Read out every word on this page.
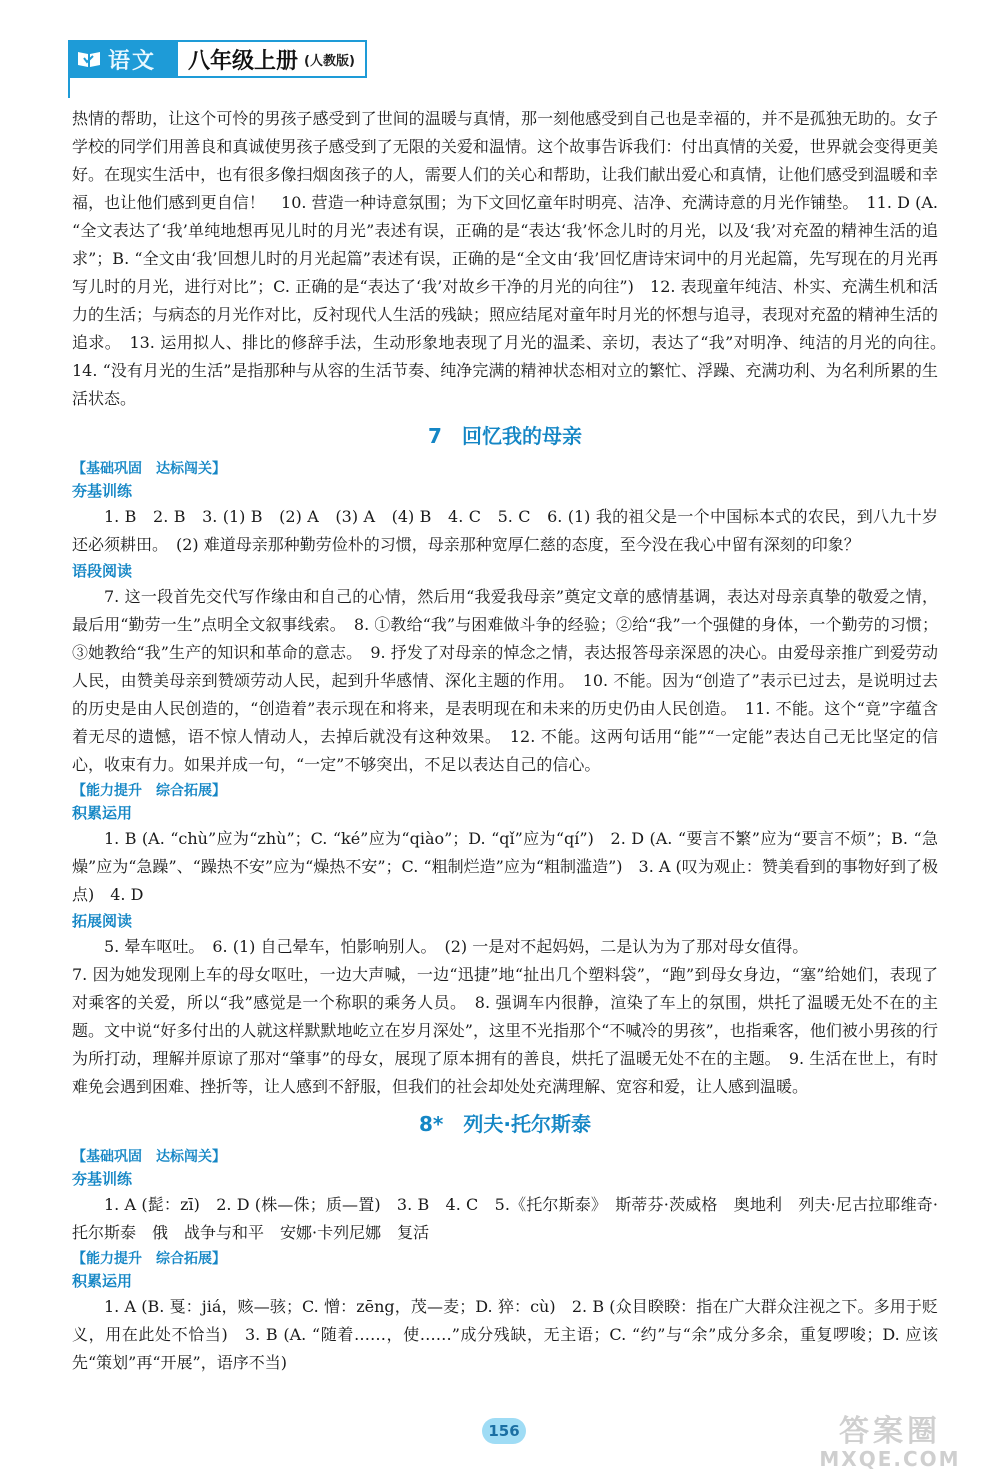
语文 八年级上册 (人教版)

热情的帮助，让这个可怜的男孩子感受到了世间的温暖与真情，那一刻他感受到自己也是幸福的，并不是孤独无助的。女子学校的同学们用善良和真诚使男孩子感受到了无限的关爱和温情。这个故事告诉我们：付出真情的关爱，世界就会变得更美好。在现实生活中，也有很多像扫烟囱孩子的人，需要人们的关心和帮助，让我们献出爱心和真情，让他们感受到温暖和幸福，也让他们感到更自信！　10. 营造一种诗意氛围；为下文回忆童年时明亮、洁净、充满诗意的月光作铺垫。　11. D (A. “全文表达了‘我’单纯地想再见儿时的月光”表述有误，正确的是“表达‘我’怀念儿时的月光，以及‘我’对充盈的精神生活的追求”；B. “全文由‘我’回想儿时的月光起篇”表述有误，正确的是“全文由‘我’回忆唐诗宋词中的月光起篇，先写现在的月光再写儿时的月光，进行对比”；C. 正确的是“表达了‘我’对故乡干净的月光的向往”)　12. 表现童年纯洁、朴实、充满生机和活力的生活；与病态的月光作对比，反衬现代人生活的残缺；照应结尾对童年时月光的怀想与追寻，表现对充盈的精神生活的追求。　13. 运用拟人、排比的修辞手法，生动形象地表现了月光的温柔、亲切，表达了“我”对明净、纯洁的月光的向往。　14. “没有月光的生活”是指那种与从容的生活节奏、纯净完满的精神状态相对立的繁忙、浮躁、充满功利、为名利所累的生活状态。

7　回忆我的母亲
【基础巩固　达标闯关】
夯基训练

1. B　2. B　3. (1) B　(2) A　(3) A　(4) B　4. C　5. C　6. (1) 我的祖父是一个中国标本式的农民，到八九十岁还必须耕田。　(2) 难道母亲那种勤劳俭朴的习惯，母亲那种宽厚仁慈的态度，至今没在我心中留有深刻的印象？

语段阅读

7. 这一段首先交代写作缘由和自己的心情，然后用“我爱我母亲”奠定文章的感情基调，表达对母亲真挚的敬爱之情，最后用“勤劳一生”点明全文叙事线索。　8. ①教给“我”与困难做斗争的经验；②给“我”一个强健的身体，一个勤劳的习惯；③她教给“我”生产的知识和革命的意志。　9. 抒发了对母亲的悼念之情，表达报答母亲深恩的决心。由爱母亲推广到爱劳动人民，由赞美母亲到赞颂劳动人民，起到升华感情、深化主题的作用。　10. 不能。因为“创造了”表示已过去，是说明过去的历史是由人民创造的，“创造着”表示现在和将来，是表明现在和未来的历史仍由人民创造。　11. 不能。这个“竟”字蕴含着无尽的遗憾，语不惊人情动人，去掉后就没有这种效果。　12. 不能。这两句话用“能”“一定能”表达自己无比坚定的信心，收束有力。如果并成一句，“一定”不够突出，不足以表达自己的信心。

【能力提升　综合拓展】
积累运用

1. B (A. “chù”应为“zhù”；C. “ké”应为“qiào”；D. “qǐ”应为“qí”)　2. D (A. “要言不繁”应为“要言不烦”；B. “急燥”应为“急躁”、“躁热不安”应为“燥热不安”；C. “粗制烂造”应为“粗制滥造”)　3. A (叹为观止：赞美看到的事物好到了极点)　4. D

拓展阅读

5. 晕车呕吐。　6. (1) 自己晕车，怕影响别人。　(2) 一是对不起妈妈，二是认为为了那对母女值得。

7. 因为她发现刚上车的母女呕吐，一边大声喊，一边“迅捷”地“扯出几个塑料袋”，“跑”到母女身边，“塞”给她们，表现了对乘客的关爱，所以“我”感觉是一个称职的乘务人员。　8. 强调车内很静，渲染了车上的氛围，烘托了温暖无处不在的主题。文中说“好多付出的人就这样默默地屹立在岁月深处”，这里不光指那个“不喊冷的男孩”，也指乘客，他们被小男孩的行为所打动，理解并原谅了那对“肇事”的母女，展现了原本拥有的善良，烘托了温暖无处不在的主题。　9. 生活在世上，有时难免会遇到困难、挫折等，让人感到不舒服，但我们的社会却处处充满理解、宽容和爱，让人感到温暖。

8*　列夫·托尔斯泰
【基础巩固　达标闯关】
夯基训练

1. A (髭：zī)　2. D (株—侏；质—置)　3. B　4. C　5.《托尔斯泰》　斯蒂芬·茨威格　奥地利　列夫·尼古拉耶维奇·托尔斯泰　俄　战争与和平　安娜·卡列尼娜　复活

【能力提升　综合拓展】
积累运用

1. A (B. 戛：jiá，赅—骇；C. 憎：zēng，茂—麦；D. 猝：cù)　2. B (众目睽睽：指在广大群众注视之下。多用于贬义，用在此处不恰当)　3. B (A. “随着……，使……”成分残缺，无主语；C. “约”与“余”成分多余，重复啰唆；D. 应该先“策划”再“开展”，语序不当)

156	答案圈
MXQE.COM
